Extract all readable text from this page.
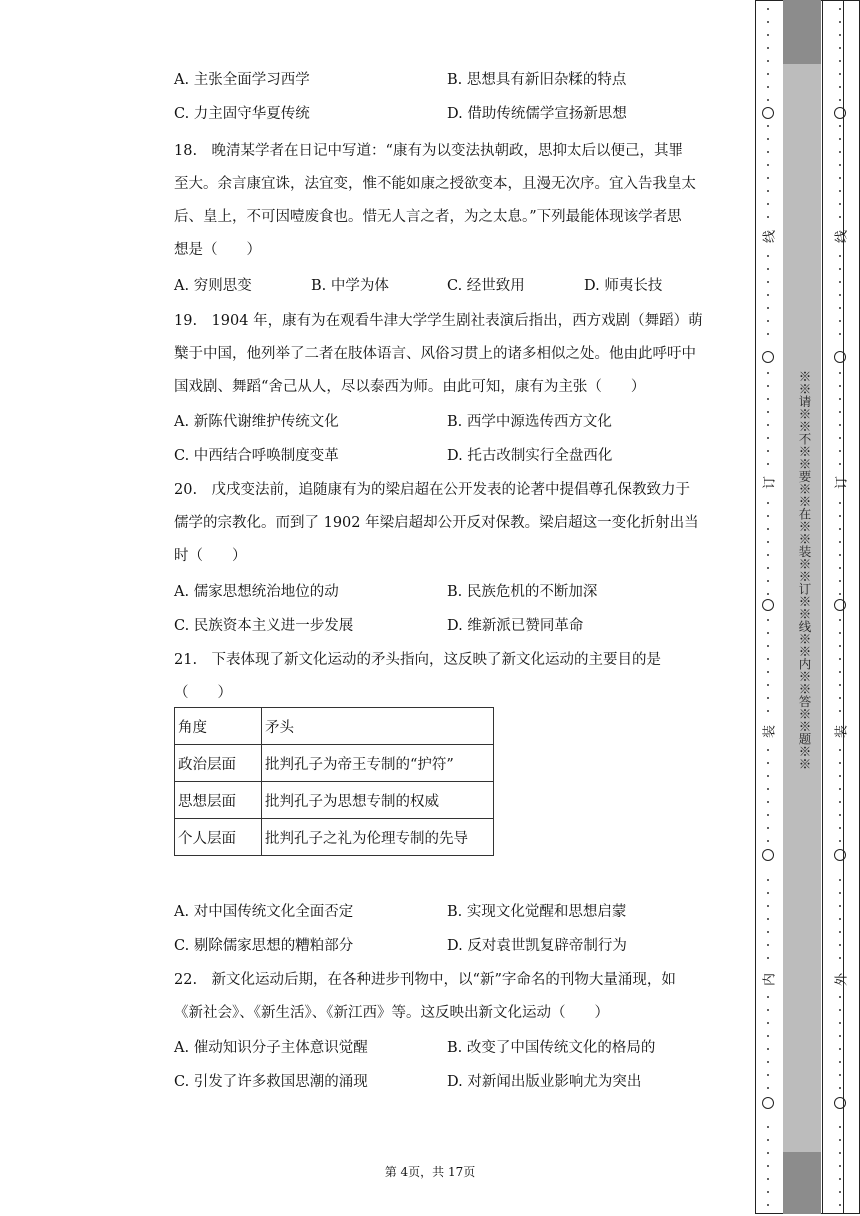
A. 主张全面学习西学	B. 思想具有新旧杂糅的特点
C. 力主固守华夏传统	D. 借助传统儒学宣扬新思想
18.　晚清某学者在日记中写道：“康有为以变法执朝政，思抑太后以便己，其罪
至大。余言康宜诛，法宜变，惟不能如康之授欲变本，且漫无次序。宜入告我皇太
后、皇上，不可因噎废食也。惜无人言之者，为之太息。”下列最能体现该学者思
想是（　　）
A. 穷则思变	B. 中学为体	C. 经世致用	D. 师夷长技
19.　1904 年，康有为在观看牛津大学学生剧社表演后指出，西方戏剧（舞蹈）萌
櫱于中国，他列举了二者在肢体语言、风俗习贯上的诸多相似之处。他由此呼吁中
国戏剧、舞蹈“舍己从人，尽以泰西为师。由此可知，康有为主张（　　）
A. 新陈代谢维护传统文化	B. 西学中源选传西方文化
C. 中西结合呼唤制度变革	D. 托古改制实行全盘西化
20.　戊戌变法前，追随康有为的梁启超在公开发表的论著中提倡尊孔保教致力于
儒学的宗教化。而到了 1902 年梁启超却公开反对保教。梁启超这一变化折射出当
时（　　）
A. 儒家思想统治地位的动	B. 民族危机的不断加深
C. 民族资本主义进一步发展	D. 维新派已赞同革命
21.　下表体现了新文化运动的矛头指向，这反映了新文化运动的主要目的是
（　　）
角度	矛头
政治层面	批判孔子为帝王专制的“护符”
思想层面	批判孔子为思想专制的权威
个人层面	批判孔子之礼为伦理专制的先导
A. 对中国传统文化全面否定	B. 实现文化觉醒和思想启蒙
C. 剔除儒家思想的糟粕部分	D. 反对袁世凯复辟帝制行为
22.　新文化运动后期，在各种进步刊物中，以“新”字命名的刊物大量涌现，如
《新社会》、《新生活》、《新江西》等。这反映出新文化运动（　　）
A. 催动知识分子主体意识觉醒	B. 改变了中国传统文化的格局的
C. 引发了许多救国思潮的涌现	D. 对新闻出版业影响尤为突出
第 4页，共 17页
※※请※※不※※要※※在※※装※※订※※线※※内※※答※※题※※
线
订
装
内
线
订
装
外
